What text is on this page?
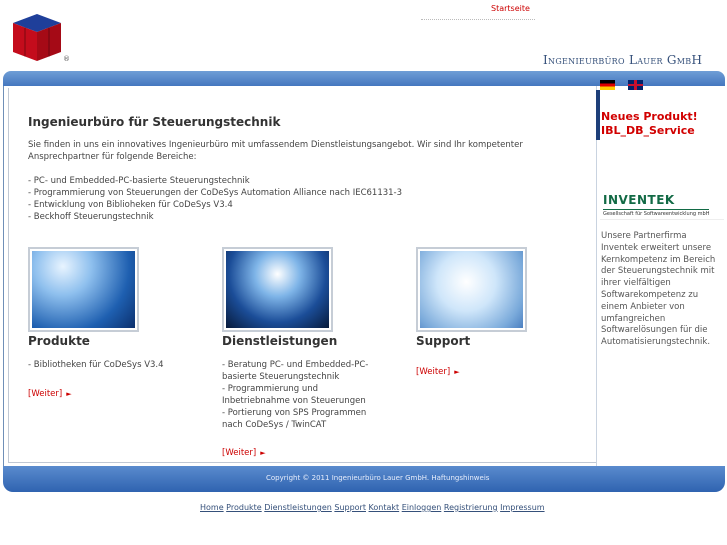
®
Startseite
Ingenieurbüro Lauer GmbH

Neues Produkt!
IBL_DB_Service
INVENTEK
Gesellschaft für Softwareentwicklung mbH
Unsere Partnerfirma Inventek erweitert unsere Kernkompetenz im Bereich der Steuerungstechnik mit ihrer vielfältigen Softwarekompetenz zu einem Anbieter von umfangreichen Softwarelösungen für die Automatisierungstechnik.
Ingenieurbüro für Steuerungstechnik
Sie finden in uns ein innovatives Ingenieurbüro mit umfassendem Dienstleistungsangebot. Wir sind Ihr kompetenter Ansprechpartner für folgende Bereiche:
- PC- und Embedded-PC-basierte Steuerungstechnik
- Programmierung von Steuerungen der CoDeSys Automation Alliance nach IEC61131-3
- Entwicklung von Biblioheken für CoDeSys V3.4
- Beckhoff Steuerungstechnik
Produkte
- Bibliotheken für CoDeSys V3.4
[Weiter] ►
Dienstleistungen
- Beratung PC- und Embedded-PC-
basierte Steuerungstechnik
- Programmierung und
Inbetriebnahme von Steuerungen
- Portierung von SPS Programmen
nach CoDeSys / TwinCAT
[Weiter] ►
Support
[Weiter] ►
Copyright © 2011 Ingenieurbüro Lauer GmbH. Haftungshinweis
Home Produkte Dienstleistungen Support Kontakt Einloggen Registrierung Impressum
